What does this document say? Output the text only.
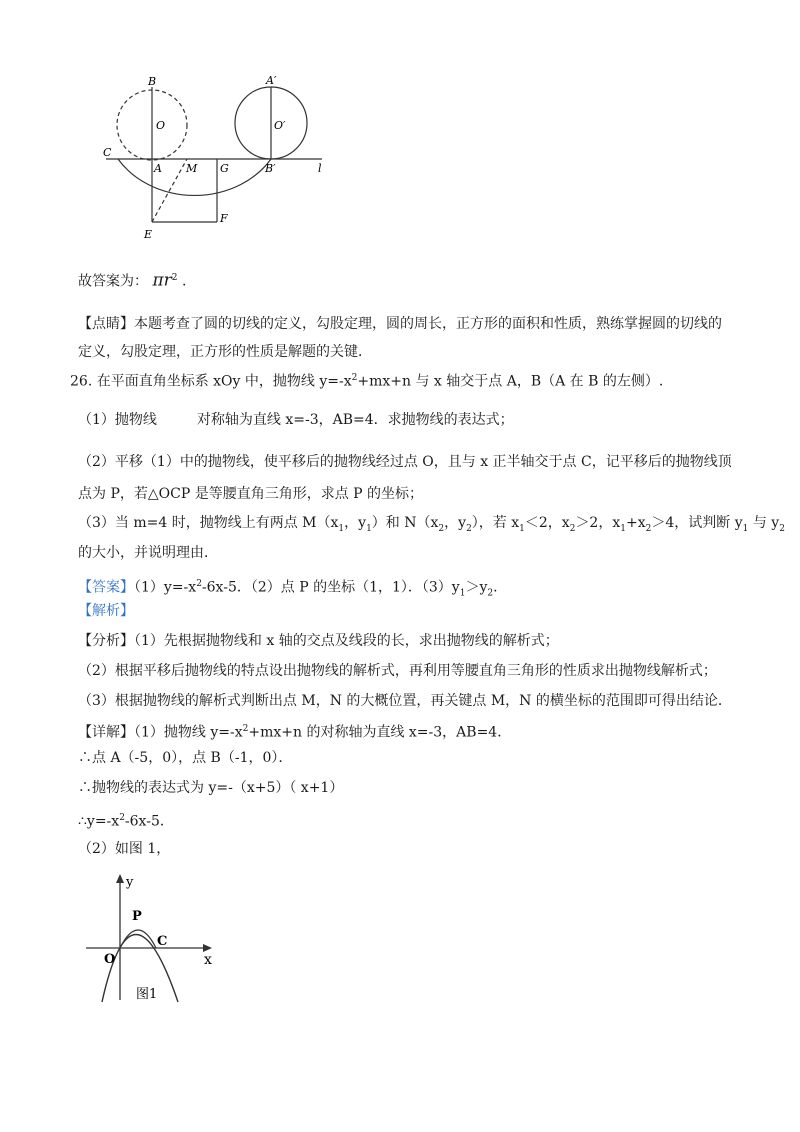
B
O
C
A M G	B′
A′
O′
l
F
E
故答案为： $\pi r^2$ .
【点睛】本题考查了圆的切线的定义，勾股定理，圆的周长，正方形的面积和性质，熟练掌握圆的切线的
定义，勾股定理，正方形的性质是解题的关键．
26. 在平面直角坐标系 xOy 中，抛物线 $y=-x^2+mx+n$ 与 x 轴交于点 A，B（A 在 B 的左侧）.
（1）抛物线	对称轴为直线 x=-3，AB=4．求抛物线的表达式；
（2）平移（1）中的抛物线，使平移后的抛物线经过点 O，且与 x 正半轴交于点 C，记平移后的抛物线顶
点为 P，若△OCP 是等腰直角三角形，求点 P 的坐标；
（3）当 m=4 时，抛物线上有两点 $M(x_1$，$y_1$）和 $N(x_2$，$y_2$），若 $x_1<2$，$x_2>2$，$x_1+x_2>4$，试判断 $y_1$ 与 $y_2$
的大小，并说明理由．
【答案】$(1)y=-x^2-6x-5$．（2）点 P 的坐标（1，1）．$(3)y_1>y_2$.
【解析】
【分析】（1）先根据抛物线和 x 轴的交点及线段的长，求出抛物线的解析式；
（2）根据平移后抛物线的特点设出抛物线的解析式，再利用等腰直角三角形的性质求出抛物线解析式；
（3）根据抛物线的解析式判断出点 M，N 的大概位置，再关键点 M，N 的横坐标的范围即可得出结论．
【详解】（1）抛物线 $y=-x^2+mx+n$ 的对称轴为直线 x=-3，AB=4．
∴点 A（-5，0），点 B（-1，0）．
∴抛物线的表达式为 y=-（x+5）（ x+1）
$\therefore y=-x^2-6x-5$．
（2）如图 1，
y
P
O
C
x
图1
